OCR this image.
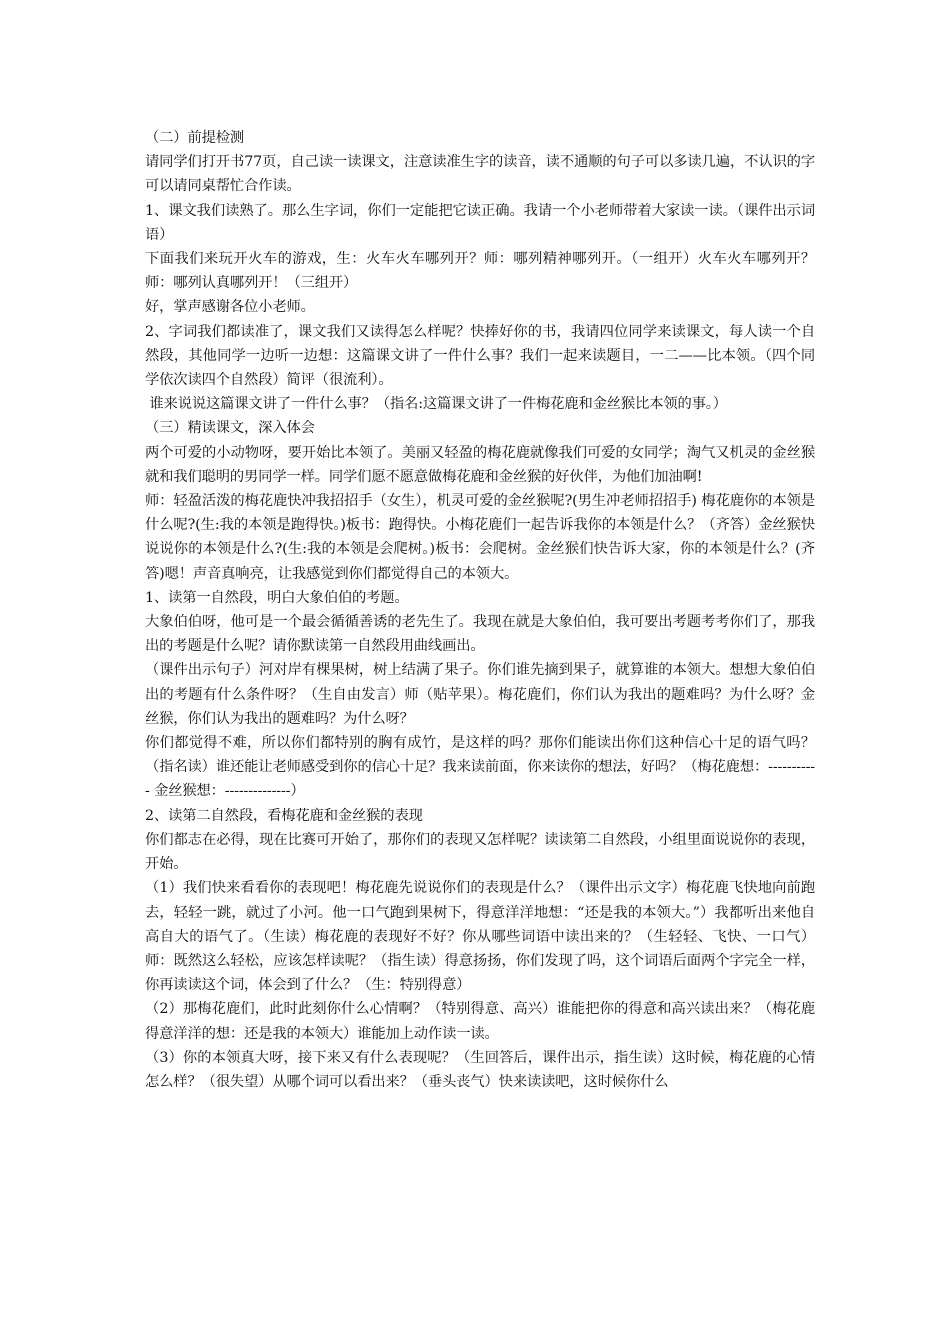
（二）前提检测

请同学们打开书77页，自己读一读课文，注意读准生字的读音，读不通顺的句子可以多读几遍，不认识的字可以请同桌帮忙合作读。

1、课文我们读熟了。那么生字词，你们一定能把它读正确。我请一个小老师带着大家读一读。（课件出示词语）

下面我们来玩开火车的游戏，生：火车火车哪列开？师：哪列精神哪列开。（一组开）火车火车哪列开？师：哪列认真哪列开！（三组开）

好，掌声感谢各位小老师。

2、字词我们都读准了，课文我们又读得怎么样呢？快捧好你的书，我请四位同学来读课文，每人读一个自然段，其他同学一边听一边想：这篇课文讲了一件什么事？我们一起来读题目，一二——比本领。（四个同学依次读四个自然段）简评（很流利）。

谁来说说这篇课文讲了一件什么事？（指名:这篇课文讲了一件梅花鹿和金丝猴比本领的事。）

（三）精读课文，深入体会

两个可爱的小动物呀，要开始比本领了。美丽又轻盈的梅花鹿就像我们可爱的女同学；淘气又机灵的金丝猴就和我们聪明的男同学一样。同学们愿不愿意做梅花鹿和金丝猴的好伙伴，为他们加油啊!

师：轻盈活泼的梅花鹿快冲我招招手（女生），机灵可爱的金丝猴呢?(男生冲老师招招手) 梅花鹿你的本领是什么呢?(生:我的本领是跑得快。)板书：跑得快。小梅花鹿们一起告诉我你的本领是什么？（齐答）金丝猴快说说你的本领是什么?(生:我的本领是会爬树。)板书：会爬树。金丝猴们快告诉大家，你的本领是什么？(齐答)嗯！声音真响亮，让我感觉到你们都觉得自己的本领大。

1、读第一自然段，明白大象伯伯的考题。

大象伯伯呀，他可是一个最会循循善诱的老先生了。我现在就是大象伯伯，我可要出考题考考你们了，那我出的考题是什么呢？请你默读第一自然段用曲线画出。

（课件出示句子）河对岸有棵果树，树上结满了果子。你们谁先摘到果子，就算谁的本领大。想想大象伯伯出的考题有什么条件呀？（生自由发言）师（贴苹果）。梅花鹿们，你们认为我出的题难吗？为什么呀？金丝猴，你们认为我出的题难吗？为什么呀？

你们都觉得不难，所以你们都特别的胸有成竹，是这样的吗？那你们能读出你们这种信心十足的语气吗？（指名读）谁还能让老师感受到你的信心十足？我来读前面，你来读你的想法，好吗？（梅花鹿想：----------- 金丝猴想：--------------）

2、读第二自然段，看梅花鹿和金丝猴的表现

你们都志在必得，现在比赛可开始了，那你们的表现又怎样呢？读读第二自然段，小组里面说说你的表现，开始。

（1）我们快来看看你的表现吧！梅花鹿先说说你们的表现是什么？（课件出示文字）梅花鹿飞快地向前跑去，轻轻一跳，就过了小河。他一口气跑到果树下，得意洋洋地想：“还是我的本领大。”）我都听出来他自高自大的语气了。（生读）梅花鹿的表现好不好？你从哪些词语中读出来的？（生轻轻、飞快、一口气）师：既然这么轻松，应该怎样读呢？（指生读）得意扬扬，你们发现了吗，这个词语后面两个字完全一样，你再读读这个词，体会到了什么？（生：特别得意）

（2）那梅花鹿们，此时此刻你什么心情啊？（特别得意、高兴）谁能把你的得意和高兴读出来？（梅花鹿得意洋洋的想：还是我的本领大）谁能加上动作读一读。

（3）你的本领真大呀，接下来又有什么表现呢？（生回答后，课件出示，指生读）这时候，梅花鹿的心情怎么样？（很失望）从哪个词可以看出来？（垂头丧气）快来读读吧，这时候你什么
